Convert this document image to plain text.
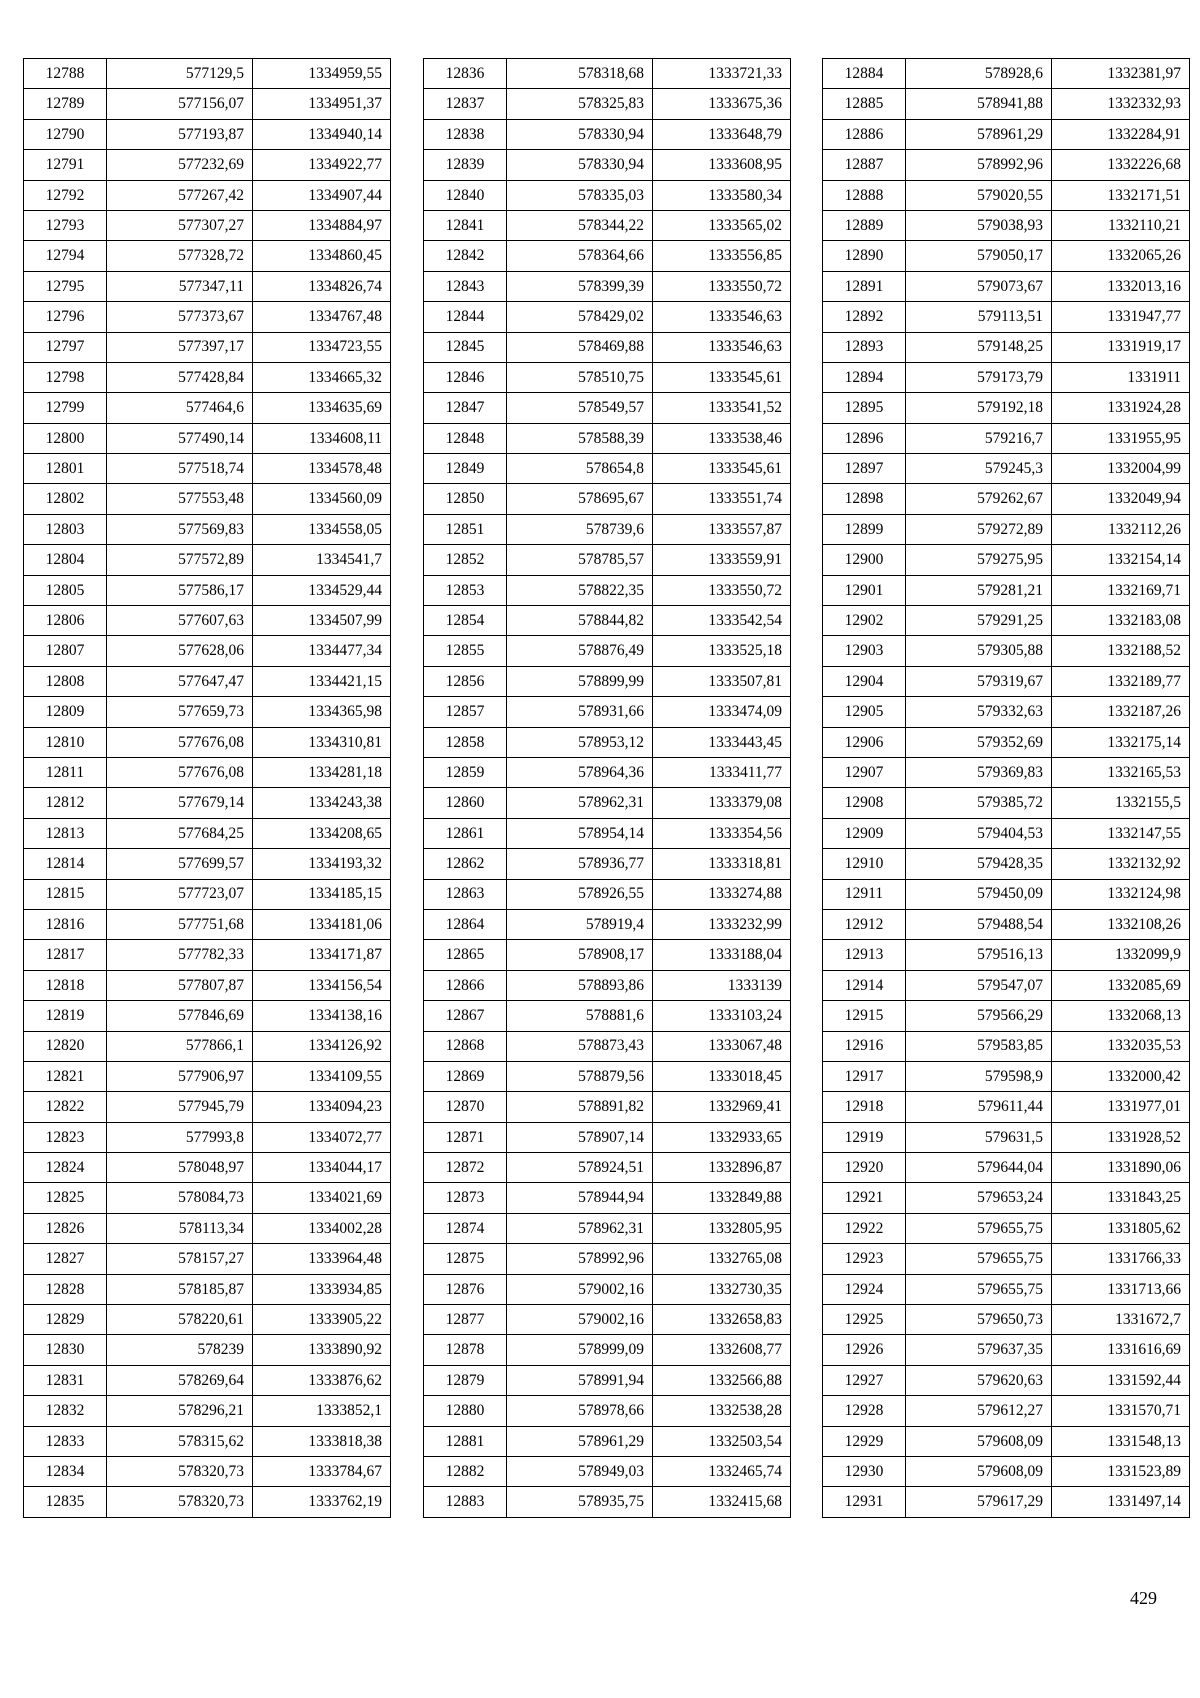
12788	577129,5	1334959,55
12789	577156,07	1334951,37
12790	577193,87	1334940,14
12791	577232,69	1334922,77
12792	577267,42	1334907,44
12793	577307,27	1334884,97
12794	577328,72	1334860,45
12795	577347,11	1334826,74
12796	577373,67	1334767,48
12797	577397,17	1334723,55
12798	577428,84	1334665,32
12799	577464,6	1334635,69
12800	577490,14	1334608,11
12801	577518,74	1334578,48
12802	577553,48	1334560,09
12803	577569,83	1334558,05
12804	577572,89	1334541,7
12805	577586,17	1334529,44
12806	577607,63	1334507,99
12807	577628,06	1334477,34
12808	577647,47	1334421,15
12809	577659,73	1334365,98
12810	577676,08	1334310,81
12811	577676,08	1334281,18
12812	577679,14	1334243,38
12813	577684,25	1334208,65
12814	577699,57	1334193,32
12815	577723,07	1334185,15
12816	577751,68	1334181,06
12817	577782,33	1334171,87
12818	577807,87	1334156,54
12819	577846,69	1334138,16
12820	577866,1	1334126,92
12821	577906,97	1334109,55
12822	577945,79	1334094,23
12823	577993,8	1334072,77
12824	578048,97	1334044,17
12825	578084,73	1334021,69
12826	578113,34	1334002,28
12827	578157,27	1333964,48
12828	578185,87	1333934,85
12829	578220,61	1333905,22
12830	578239	1333890,92
12831	578269,64	1333876,62
12832	578296,21	1333852,1
12833	578315,62	1333818,38
12834	578320,73	1333784,67
12835	578320,73	1333762,19
12836	578318,68	1333721,33
12837	578325,83	1333675,36
12838	578330,94	1333648,79
12839	578330,94	1333608,95
12840	578335,03	1333580,34
12841	578344,22	1333565,02
12842	578364,66	1333556,85
12843	578399,39	1333550,72
12844	578429,02	1333546,63
12845	578469,88	1333546,63
12846	578510,75	1333545,61
12847	578549,57	1333541,52
12848	578588,39	1333538,46
12849	578654,8	1333545,61
12850	578695,67	1333551,74
12851	578739,6	1333557,87
12852	578785,57	1333559,91
12853	578822,35	1333550,72
12854	578844,82	1333542,54
12855	578876,49	1333525,18
12856	578899,99	1333507,81
12857	578931,66	1333474,09
12858	578953,12	1333443,45
12859	578964,36	1333411,77
12860	578962,31	1333379,08
12861	578954,14	1333354,56
12862	578936,77	1333318,81
12863	578926,55	1333274,88
12864	578919,4	1333232,99
12865	578908,17	1333188,04
12866	578893,86	1333139
12867	578881,6	1333103,24
12868	578873,43	1333067,48
12869	578879,56	1333018,45
12870	578891,82	1332969,41
12871	578907,14	1332933,65
12872	578924,51	1332896,87
12873	578944,94	1332849,88
12874	578962,31	1332805,95
12875	578992,96	1332765,08
12876	579002,16	1332730,35
12877	579002,16	1332658,83
12878	578999,09	1332608,77
12879	578991,94	1332566,88
12880	578978,66	1332538,28
12881	578961,29	1332503,54
12882	578949,03	1332465,74
12883	578935,75	1332415,68
12884	578928,6	1332381,97
12885	578941,88	1332332,93
12886	578961,29	1332284,91
12887	578992,96	1332226,68
12888	579020,55	1332171,51
12889	579038,93	1332110,21
12890	579050,17	1332065,26
12891	579073,67	1332013,16
12892	579113,51	1331947,77
12893	579148,25	1331919,17
12894	579173,79	1331911
12895	579192,18	1331924,28
12896	579216,7	1331955,95
12897	579245,3	1332004,99
12898	579262,67	1332049,94
12899	579272,89	1332112,26
12900	579275,95	1332154,14
12901	579281,21	1332169,71
12902	579291,25	1332183,08
12903	579305,88	1332188,52
12904	579319,67	1332189,77
12905	579332,63	1332187,26
12906	579352,69	1332175,14
12907	579369,83	1332165,53
12908	579385,72	1332155,5
12909	579404,53	1332147,55
12910	579428,35	1332132,92
12911	579450,09	1332124,98
12912	579488,54	1332108,26
12913	579516,13	1332099,9
12914	579547,07	1332085,69
12915	579566,29	1332068,13
12916	579583,85	1332035,53
12917	579598,9	1332000,42
12918	579611,44	1331977,01
12919	579631,5	1331928,52
12920	579644,04	1331890,06
12921	579653,24	1331843,25
12922	579655,75	1331805,62
12923	579655,75	1331766,33
12924	579655,75	1331713,66
12925	579650,73	1331672,7
12926	579637,35	1331616,69
12927	579620,63	1331592,44
12928	579612,27	1331570,71
12929	579608,09	1331548,13
12930	579608,09	1331523,89
12931	579617,29	1331497,14
429
